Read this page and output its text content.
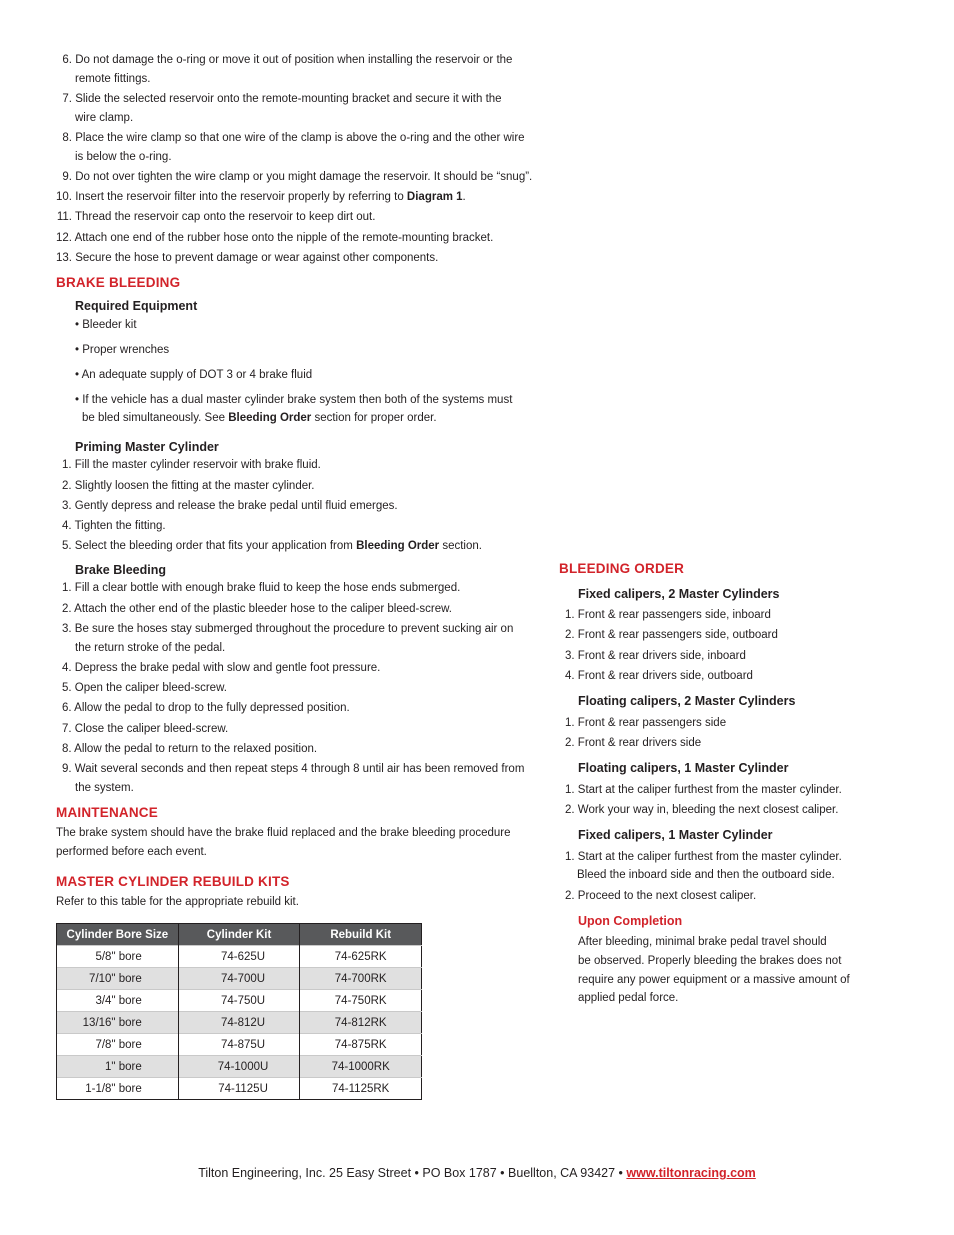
6. Do not damage the o-ring or move it out of position when installing the reservoir or the
remote fittings.
7. Slide the selected reservoir onto the remote-mounting bracket and secure it with the
wire clamp.
8. Place the wire clamp so that one wire of the clamp is above the o-ring and the other wire
is below the o-ring.
9. Do not over tighten the wire clamp or you might damage the reservoir. It should be “snug”.
10. Insert the reservoir filter into the reservoir properly by referring to Diagram 1.
11. Thread the reservoir cap onto the reservoir to keep dirt out.
12. Attach one end of the rubber hose onto the nipple of the remote-mounting bracket.
13. Secure the hose to prevent damage or wear against other components.
BRAKE BLEEDING
Required Equipment
• Bleeder kit
• Proper wrenches
• An adequate supply of DOT 3 or 4 brake fluid
• If the vehicle has a dual master cylinder brake system then both of the systems must
be bled simultaneously. See Bleeding Order section for proper order.
Priming Master Cylinder
1. Fill the master cylinder reservoir with brake fluid.
2. Slightly loosen the fitting at the master cylinder.
3. Gently depress and release the brake pedal until fluid emerges.
4. Tighten the fitting.
5. Select the bleeding order that fits your application from Bleeding Order section.
Brake Bleeding
1. Fill a clear bottle with enough brake fluid to keep the hose ends submerged.
2. Attach the other end of the plastic bleeder hose to the caliper bleed-screw.
3. Be sure the hoses stay submerged throughout the procedure to prevent sucking air on
the return stroke of the pedal.
4. Depress the brake pedal with slow and gentle foot pressure.
5. Open the caliper bleed-screw.
6. Allow the pedal to drop to the fully depressed position.
7. Close the caliper bleed-screw.
8. Allow the pedal to return to the relaxed position.
9. Wait several seconds and then repeat steps 4 through 8 until air has been removed from
the system.
MAINTENANCE
The brake system should have the brake fluid replaced and the brake bleeding procedure
performed before each event.
MASTER CYLINDER REBUILD KITS
Refer to this table for the appropriate rebuild kit.
Cylinder Bore Size	Cylinder Kit	Rebuild Kit
5/8" bore	74-625U	74-625RK
7/10" bore	74-700U	74-700RK
3/4" bore	74-750U	74-750RK
13/16" bore	74-812U	74-812RK
7/8" bore	74-875U	74-875RK
1" bore	74-1000U	74-1000RK
1-1/8" bore	74-1125U	74-1125RK
BLEEDING ORDER
Fixed calipers, 2 Master Cylinders
1. Front & rear passengers side, inboard
2. Front & rear passengers side, outboard
3. Front & rear drivers side, inboard
4. Front & rear drivers side, outboard
Floating calipers, 2 Master Cylinders
1. Front & rear passengers side
2. Front & rear drivers side
Floating calipers, 1 Master Cylinder
1. Start at the caliper furthest from the master cylinder.
2. Work your way in, bleeding the next closest caliper.
Fixed calipers, 1 Master Cylinder
1. Start at the caliper furthest from the master cylinder.
Bleed the inboard side and then the outboard side.
2. Proceed to the next closest caliper.
Upon Completion
After bleeding, minimal brake pedal travel should
be observed. Properly bleeding the brakes does not
require any power equipment or a massive amount of
applied pedal force.
Tilton Engineering, Inc. 25 Easy Street • PO Box 1787 • Buellton, CA 93427 • www.tiltonracing.com
